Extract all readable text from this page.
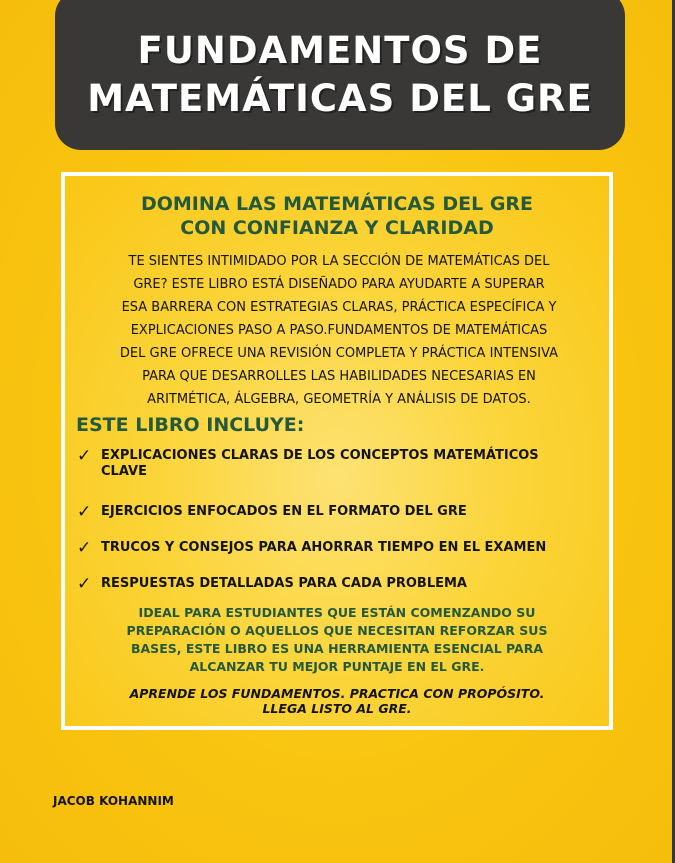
FUNDAMENTOS DE
MATEMÁTICAS DEL GRE
DOMINA LAS MATEMÁTICAS DEL GRE
CON CONFIANZA Y CLARIDAD
TE SIENTES INTIMIDADO POR LA SECCIÓN DE MATEMÁTICAS DEL
GRE? ESTE LIBRO ESTÁ DISEÑADO PARA AYUDARTE A SUPERAR
ESA BARRERA CON ESTRATEGIAS CLARAS, PRÁCTICA ESPECÍFICA Y
EXPLICACIONES PASO A PASO.FUNDAMENTOS DE MATEMÁTICAS
DEL GRE OFRECE UNA REVISIÓN COMPLETA Y PRÁCTICA INTENSIVA
PARA QUE DESARROLLES LAS HABILIDADES NECESARIAS EN
ARITMÉTICA, ÁLGEBRA, GEOMETRÍA Y ANÁLISIS DE DATOS.
ESTE LIBRO INCLUYE:
✓ EXPLICACIONES CLARAS DE LOS CONCEPTOS MATEMÁTICOS CLAVE
✓ EJERCICIOS ENFOCADOS EN EL FORMATO DEL GRE
✓ TRUCOS Y CONSEJOS PARA AHORRAR TIEMPO EN EL EXAMEN
✓ RESPUESTAS DETALLADAS PARA CADA PROBLEMA
IDEAL PARA ESTUDIANTES QUE ESTÁN COMENZANDO SU
PREPARACIÓN O AQUELLOS QUE NECESITAN REFORZAR SUS
BASES, ESTE LIBRO ES UNA HERRAMIENTA ESENCIAL PARA
ALCANZAR TU MEJOR PUNTAJE EN EL GRE.
APRENDE LOS FUNDAMENTOS. PRACTICA CON PROPÓSITO.
LLEGA LISTO AL GRE.
JACOB KOHANNIM
